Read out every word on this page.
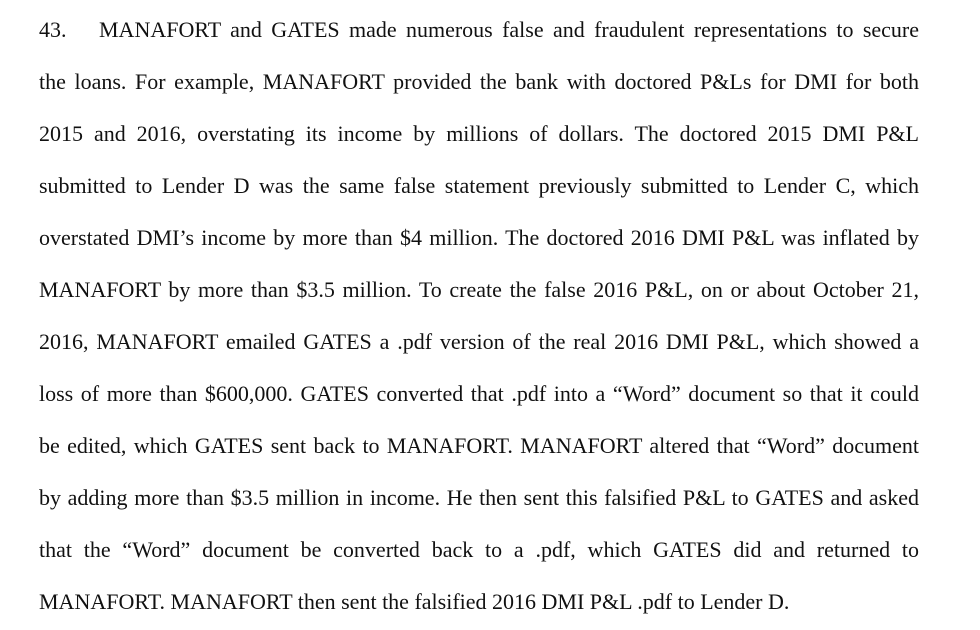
43. MANAFORT and GATES made numerous false and fraudulent representations to secure
the loans. For example, MANAFORT provided the bank with doctored P&Ls for DMI for both
2015 and 2016, overstating its income by millions of dollars. The doctored 2015 DMI P&L
submitted to Lender D was the same false statement previously submitted to Lender C, which
overstated DMI’s income by more than $4 million. The doctored 2016 DMI P&L was inflated by
MANAFORT by more than $3.5 million. To create the false 2016 P&L, on or about October 21,
2016, MANAFORT emailed GATES a .pdf version of the real 2016 DMI P&L, which showed a
loss of more than $600,000. GATES converted that .pdf into a “Word” document so that it could
be edited, which GATES sent back to MANAFORT. MANAFORT altered that “Word” document
by adding more than $3.5 million in income. He then sent this falsified P&L to GATES and asked
that the “Word” document be converted back to a .pdf, which GATES did and returned to
MANAFORT. MANAFORT then sent the falsified 2016 DMI P&L .pdf to Lender D.
